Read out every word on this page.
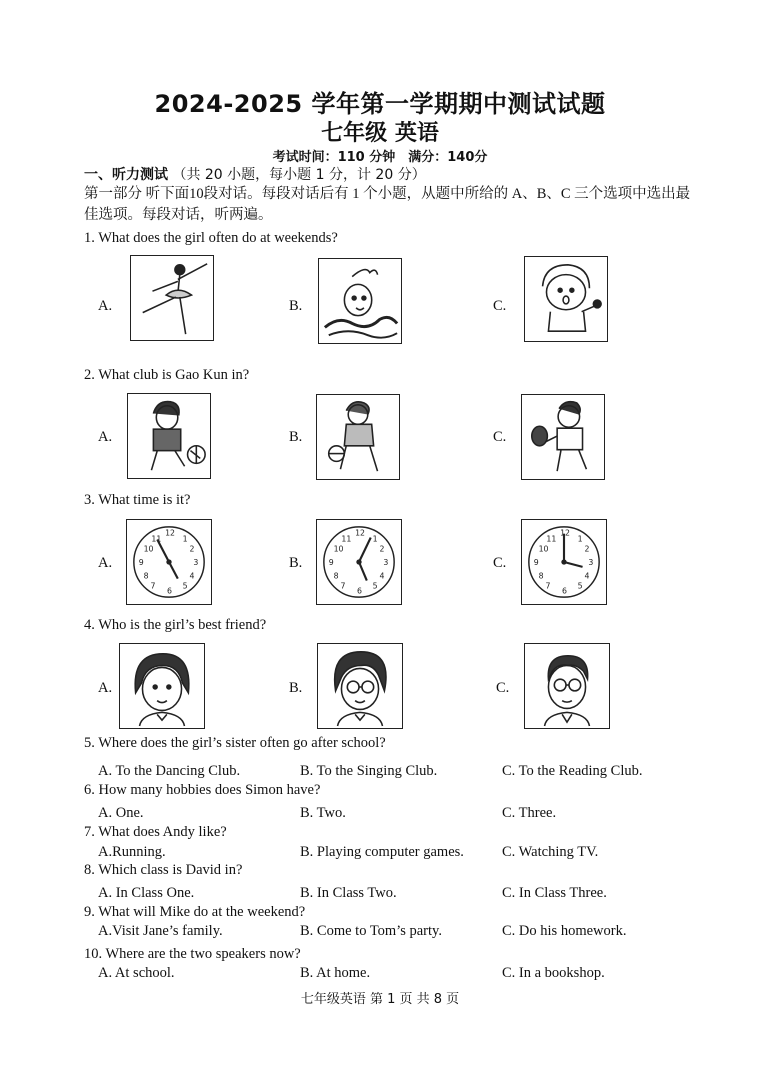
2024-2025 学年第一学期期中测试试题
七年级 英语
考试时间：110 分钟　满分：140分
一、听力测试 （共 20 小题，每小题 1 分，计 20 分）
第一部分 听下面10段对话。每段对话后有 1 个小题，从题中所给的 A、B、C 三个选项中选出最佳选项。每段对话，听两遍。
1. What does the girl often do at weekends?
A.	B.	C.
2. What club is Gao Kun in?
A.	B.	C.
3. What time is it?
A.
12
3
6
9
1
2
4
5
7
8
10
11
B.
12
3
6
9
1
2
4
5
7
8
10
11
C.
12
3
6
9
1
2
4
5
7
8
10
11
4. Who is the girl’s best friend?
A.	B.	C.
5. Where does the girl’s sister often go after school?
A. To the Dancing Club.	B. To the Singing Club.	C. To the Reading Club.
6. How many hobbies does Simon have?
A. One.	B. Two.	C. Three.
7. What does Andy like?
A.Running.	B. Playing computer games.	C. Watching TV.
8. Which class is David in?
A. In Class One.	B. In Class Two.	C. In Class Three.
9. What will Mike do at the weekend?
A.Visit Jane’s family.	B. Come to Tom’s party.	C. Do his homework.
10. Where are the two speakers now?
A. At school.	B. At home.	C. In a bookshop.
七年级英语 第 1 页 共 8 页
